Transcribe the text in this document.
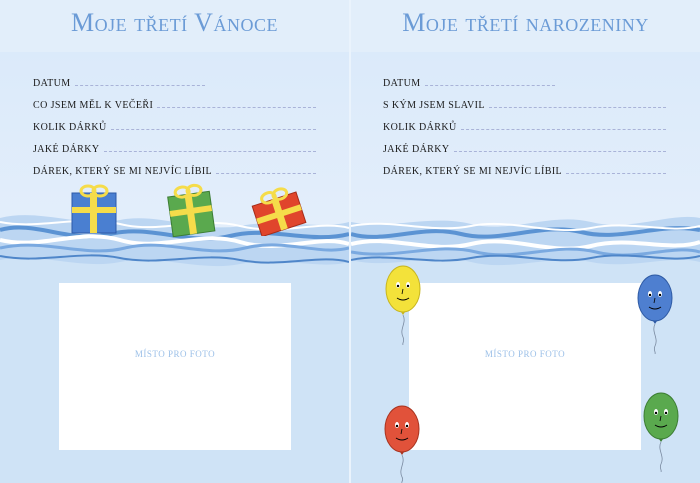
Moje třetí Vánoce
DATUM
CO JSEM MĚL K VEČEŘI
KOLIK DÁRKŮ
JAKÉ DÁRKY
DÁREK, KTERÝ SE MI NEJVÍC LÍBIL
MÍSTO PRO FOTO
Moje třetí narozeniny
DATUM
S KÝM JSEM SLAVIL
KOLIK DÁRKŮ
JAKÉ DÁRKY
DÁREK, KTERÝ SE MI NEJVÍC LÍBIL
MÍSTO PRO FOTO
